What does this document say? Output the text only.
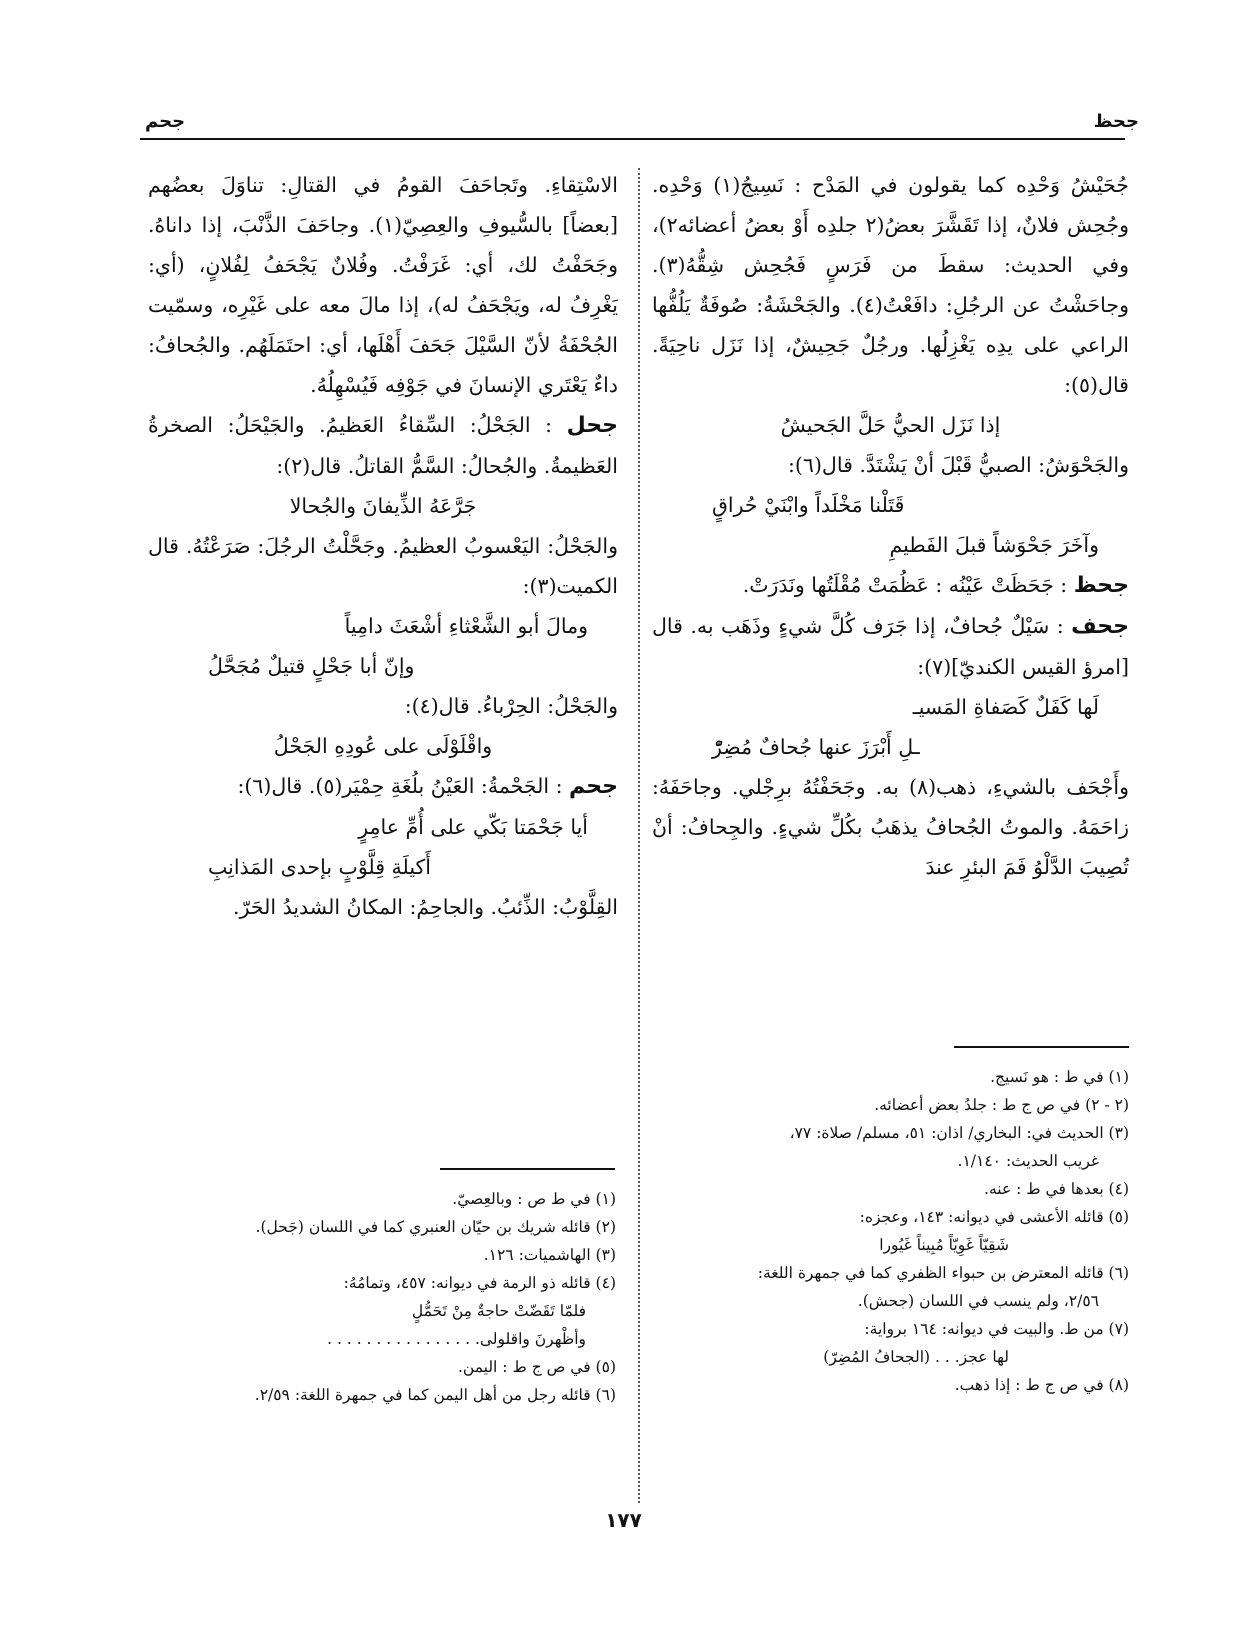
جحظ
جحم

جُحَيْشُ وَحْدِه كما يقولون في المَدْح : نَسِيجُ(١) وَحْدِه. وجُحِش فلانٌ، إذا تَقَشَّرَ بعضُ(٢ جلدِه أَوْ بعضُ أعضائه٢)، وفي الحديث: سقطَ من فَرَسٍ فَجُحِش شِقُّهُ(٣). وجاحَشْتُ عن الرجُلِ: دافَعْتُ(٤). والجَحْشَةُ: صُوفَةٌ يَلُفُّها الراعي على يدِه يَغْزِلُها. ورجُلٌ جَحِيشٌ، إذا نَزَل ناحِيَةً. قال(٥):

إذا نَزَل الحيُّ حَلَّ الجَحيشُ

والجَحْوَشُ: الصبيُّ قَبْلَ أنْ يَشْتَدَّ. قال(٦):

قَتَلْنا مَخْلَداً وابْنَيْ حُراقٍ

وآخَرَ جَحْوَشاً قبلَ الفَطيمِ

جحظ : جَحَظَتْ عَيْنُه : عَظُمَتْ مُقْلَتُها ونَدَرَتْ.

جحف : سَيْلٌ جُحافٌ، إذا جَرَف كُلَّ شيءٍ وذَهَب به. قال [امرؤ القيس الكنديّ](٧):

لَها كَفَلٌ كَصَفاةِ المَسيـ

ـلِ أَبْرَزَ عنها جُحافٌ مُضِرّْ

وأَجْحَف بالشيءِ، ذهب(٨) به. وجَحَفْتُهُ برِجْلي. وجاحَفَهُ: زاحَمَهُ. والموتُ الجُحافُ يذهَبُ بكُلِّ شيءٍ. والجِحافُ: أنْ تُصِيبَ الدَّلْوُ فَمَ البئرِ عندَ

الاسْتِقاءِ. وتَجاحَفَ القومُ في القتالِ: تناوَلَ بعضُهم [بعضاً] بالسُّيوفِ والعِصِيّ(١). وجاحَفَ الذَّنْبَ، إذا داناهُ. وجَحَفْتُ لك، أي: غَرَفْتُ. وفُلانٌ يَجْحَفُ لِفُلانٍ، (أي: يَغْرِفُ له، ويَجْحَفُ له)، إذا مالَ معه على غَيْرِه، وسمّيت الجُحْفَةُ لأنّ السَّيْلَ جَحَفَ أَهْلَها، أي: احتَمَلَهُم. والجُحافُ: داءٌ يَعْتَري الإنسانَ في جَوْفِه فَيُسْهِلُهُ.

جحل : الجَحْلُ: السِّقاءُ العَظيمُ. والجَيْحَلُ: الصخرةُ العَظيمةُ. والجُحالُ: السَّمُّ القاتلُ. قال(٢):

جَرَّعَهُ الذِّيفانَ والجُحالا

والجَحْلُ: اليَعْسوبُ العظيمُ. وجَحَّلْتُ الرجُلَ: صَرَعْتُهُ. قال الكميت(٣):

ومالَ أبو الشَّعْثاءِ أشْعَثَ دامِياً

وإنّ أبا جَحْلٍ قتيلٌ مُجَحَّلُ

والجَحْلُ: الحِرْباءُ. قال(٤):

واقْلَوْلَى على عُودِهِ الجَحْلُ

جحم : الجَحْمةُ: العَيْنُ بلُغَةِ حِمْيَر(٥). قال(٦):

أيا جَحْمَتا بَكّي على أُمِّ عامِرٍ

أَكيلَةِ قِلَّوْبٍ بإحدى المَذانِبِ

القِلَّوْبُ: الذِّئبُ. والجاحِمُ: المكانُ الشديدُ الحَرّ.

(١) في ط : هو نَسيج.

(٢ - ٢) في ص ج ط : جلدُ بعض أعضائه.

(٣) الحديث في: البخاري/ اذان: ٥١، مسلم/ صلاة: ٧٧،

غريب الحديث: ١/١٤٠.

(٤) بعدها في ط : عنه.

(٥) قائله الأعشى في ديوانه: ١٤٣، وعجزه:

شَقِيّاً غَوِيّاً مُبِيناً غَيُورا

(٦) قائله المعترض بن حبواء الظفري كما في جمهرة اللغة:

٢/٥٦، ولم ينسب في اللسان (جحش).

(٧) من ط. والبيت في ديوانه: ١٦٤ برواية:

لها عجز. . . (الجحافُ المُضِرّ)

(٨) في ص ج ط : إذا ذهب.

(١) في ط ص : وبالعِصيّ.

(٢) قائله شريك بن حيّان العنبري كما في اللسان (جَحل).

(٣) الهاشميات: ١٢٦.

(٤) قائله ذو الرمة في ديوانه: ٤٥٧، وتمامُهُ:

فلمّا تَقَضّتْ حاجةٌ مِنْ تَحَمُّلٍ

وأظْهرنَ واقلولى. . . . . . . . . . . . . . . .

(٥) في ص ج ط : اليمن.

(٦) قائله رجل من أهل اليمن كما في جمهرة اللغة: ٢/٥٩.

١٧٧
